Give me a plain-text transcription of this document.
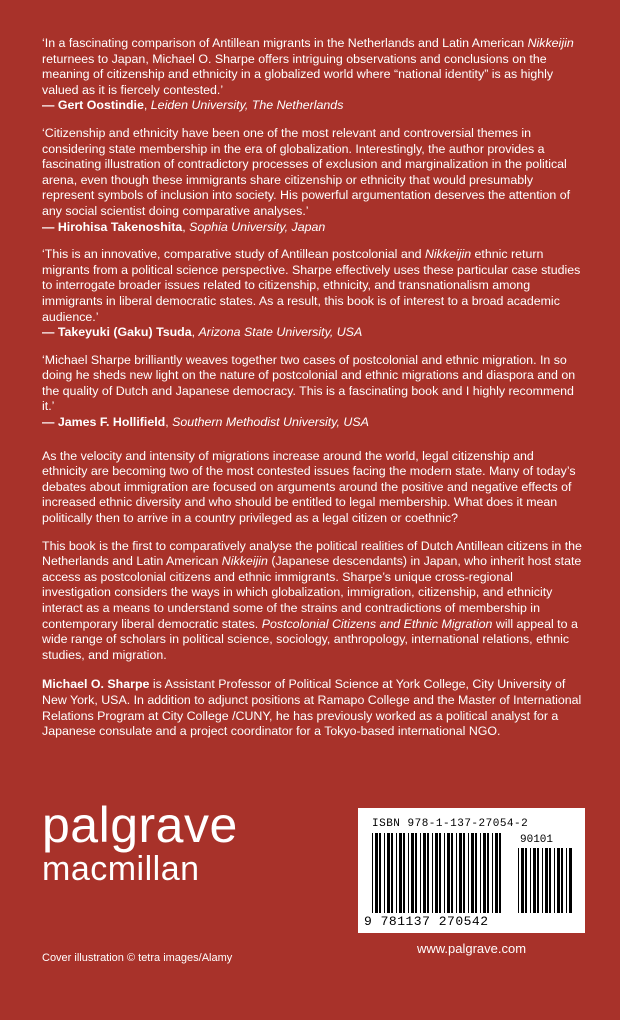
‘In a fascinating comparison of Antillean migrants in the Netherlands and Latin American Nikkeijin returnees to Japan, Michael O. Sharpe offers intriguing observations and conclusions on the meaning of citizenship and ethnicity in a globalized world where “national identity” is as highly valued as it is fiercely contested.’

— Gert Oostindie, Leiden University, The Netherlands

‘Citizenship and ethnicity have been one of the most relevant and controversial themes in considering state membership in the era of globalization. Interestingly, the author provides a fascinating illustration of contradictory processes of exclusion and marginalization in the political arena, even though these immigrants share citizenship or ethnicity that would presumably represent symbols of inclusion into society. His powerful argumentation deserves the attention of any social scientist doing comparative analyses.’

— Hirohisa Takenoshita, Sophia University, Japan

‘This is an innovative, comparative study of Antillean postcolonial and Nikkeijin ethnic return migrants from a political science perspective. Sharpe effectively uses these particular case studies to interrogate broader issues related to citizenship, ethnicity, and transnationalism among immigrants in liberal democratic states. As a result, this book is of interest to a broad academic audience.’

— Takeyuki (Gaku) Tsuda, Arizona State University, USA

‘Michael Sharpe brilliantly weaves together two cases of postcolonial and ethnic migration. In so doing he sheds new light on the nature of postcolonial and ethnic migrations and diaspora and on the quality of Dutch and Japanese democracy. This is a fascinating book and I highly recommend it.’

— James F. Hollifield, Southern Methodist University, USA

As the velocity and intensity of migrations increase around the world, legal citizenship and ethnicity are becoming two of the most contested issues facing the modern state. Many of today’s debates about immigration are focused on arguments around the positive and negative effects of increased ethnic diversity and who should be entitled to legal membership. What does it mean politically then to arrive in a country privileged as a legal citizen or coethnic?

This book is the first to comparatively analyse the political realities of Dutch Antillean citizens in the Netherlands and Latin American Nikkeijin (Japanese descendants) in Japan, who inherit host state access as postcolonial citizens and ethnic immigrants. Sharpe’s unique cross-regional investigation considers the ways in which globalization, immigration, citizenship, and ethnicity interact as a means to understand some of the strains and contradictions of membership in contemporary liberal democratic states. Postcolonial Citizens and Ethnic Migration will appeal to a wide range of scholars in political science, sociology, anthropology, international relations, ethnic studies, and migration.

Michael O. Sharpe is Assistant Professor of Political Science at York College, City University of New York, USA. In addition to adjunct positions at Ramapo College and the Master of International Relations Program at City College /CUNY, he has previously worked as a political analyst for a Japanese consulate and a project coordinator for a Tokyo-based international NGO.

palgrave
macmillan
ISBN 978-1-137-27054-2
90101
9 781137 270542
www.palgrave.com
Cover illustration © tetra images/Alamy
